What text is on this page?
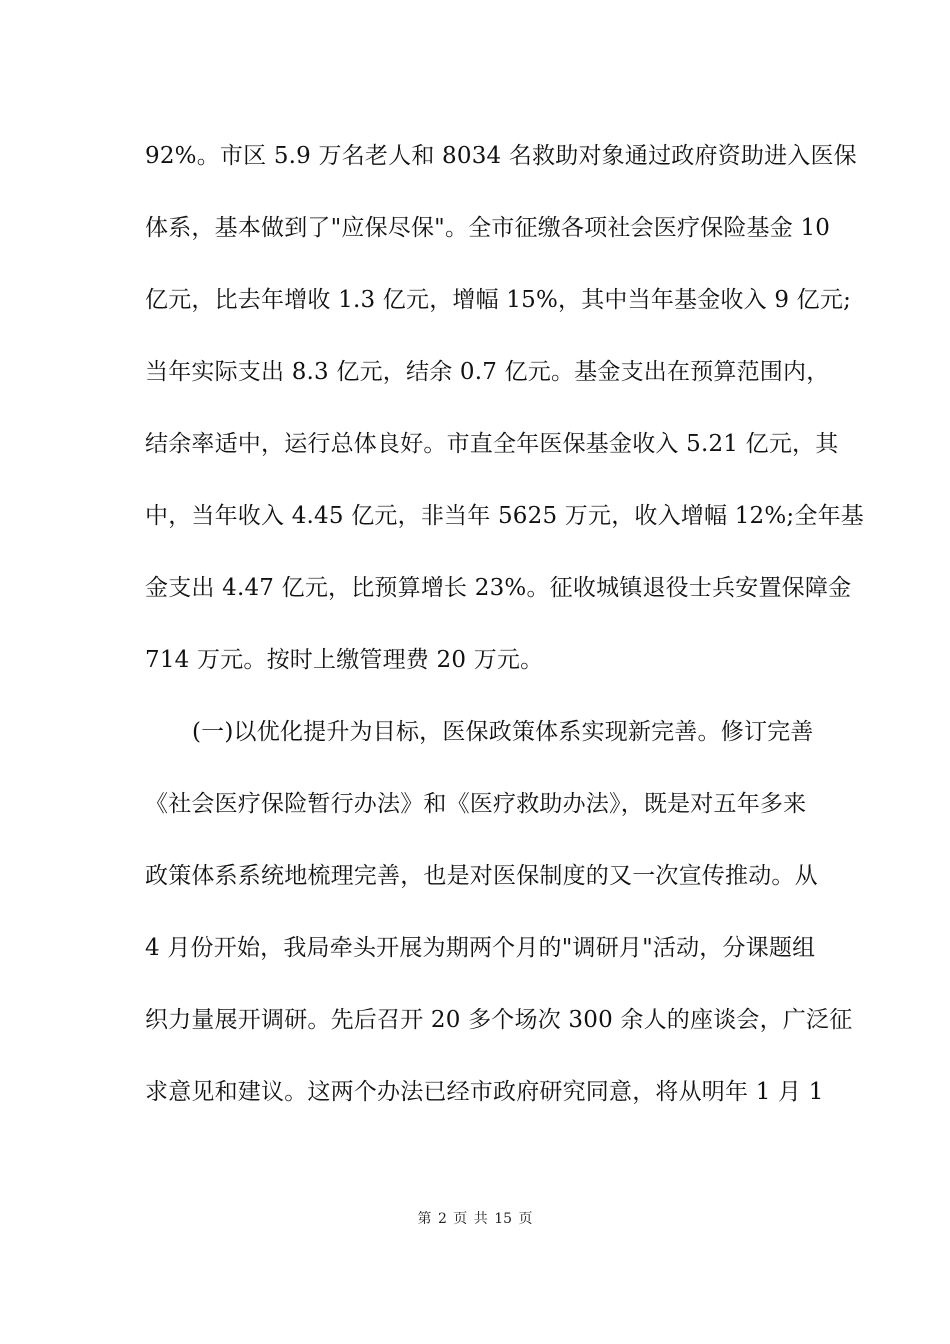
92%。市区 5.9 万名老人和 8034 名救助对象通过政府资助进入医保
体系，基本做到了"应保尽保"。全市征缴各项社会医疗保险基金 10
亿元，比去年增收 1.3 亿元，增幅 15%，其中当年基金收入 9 亿元;
当年实际支出 8.3 亿元，结余 0.7 亿元。基金支出在预算范围内，
结余率适中，运行总体良好。市直全年医保基金收入 5.21 亿元，其
中，当年收入 4.45 亿元，非当年 5625 万元，收入增幅 12%;全年基
金支出 4.47 亿元，比预算增长 23%。征收城镇退役士兵安置保障金
714 万元。按时上缴管理费 20 万元。
(一)以优化提升为目标，医保政策体系实现新完善。修订完善
《社会医疗保险暂行办法》和《医疗救助办法》，既是对五年多来
政策体系系统地梳理完善，也是对医保制度的又一次宣传推动。从
4 月份开始，我局牵头开展为期两个月的"调研月"活动，分课题组
织力量展开调研。先后召开 20 多个场次 300 余人的座谈会，广泛征
求意见和建议。这两个办法已经市政府研究同意，将从明年 1 月 1
第 2 页 共 15 页
